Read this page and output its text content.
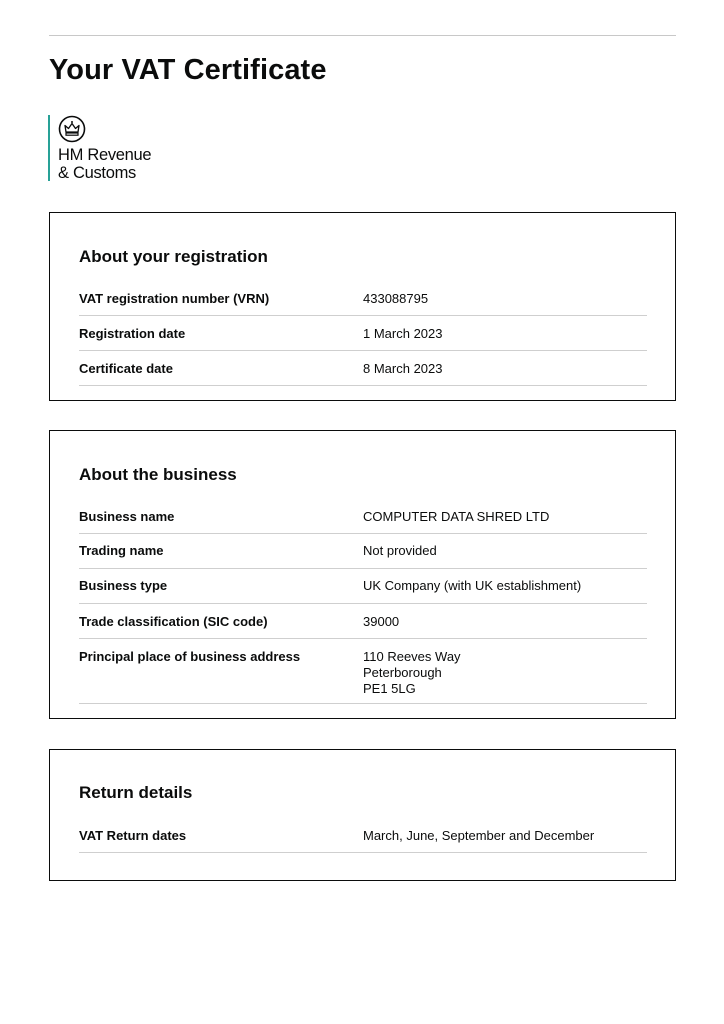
Your VAT Certificate
HM Revenue
& Customs
About your registration
VAT registration number (VRN)	433088795
Registration date	1 March 2023
Certificate date	8 March 2023
About the business
Business name	COMPUTER DATA SHRED LTD
Trading name	Not provided
Business type	UK Company (with UK establishment)
Trade classification (SIC code)	39000
Principal place of business address	110 Reeves Way
Peterborough
PE1 5LG
Return details
VAT Return dates	March, June, September and December
